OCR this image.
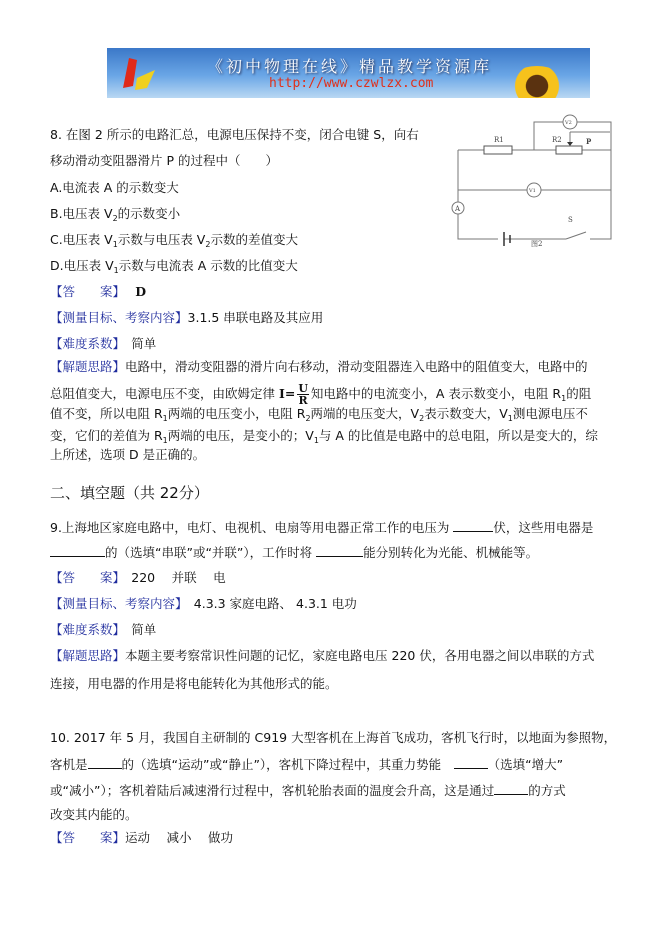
《初中物理在线》精品教学资源库
http://www.czwlzx.com
R1	R2	P
V2
V1
A
S
图2
8. 在图 2 所示的电路汇总，电源电压保持不变，闭合电键 S，向右
移动滑动变阻器滑片 P 的过程中（　　）
A.电流表 A 的示数变大
B.电压表 $V_2$的示数变小
C.电压表 $V_1$示数与电压表 $V_2$示数的差值变大
D.电压表 $V_1$示数与电流表 A 示数的比值变大
【答　　案】　 D
【测量目标、考察内容】3.1.5 串联电路及其应用
【难度系数】　简单
【解题思路】电路中，滑动变阻器的滑片向右移动，滑动变阻器连入电路中的阻值变大，电路中的
总阻值变大，电源电压不变，由欧姆定律 $I= \frac{U}{R}$ 知电路中的电流变小，A 表示数变小，电阻 $R_1$的阻
值不变，所以电阻 $R_1$两端的电压变小，电阻 $R_2$两端的电压变大，$V_2$表示数变大，$V_1$测电源电压不
变，它们的差值为 $R_1$两端的电压，是变小的；$V_1$与 A 的比值是电路中的总电阻，所以是变大的，综
上所述，选项 D 是正确的。
二、填空题（共 22分）
9.上海地区家庭电路中，电灯、电视机、电扇等用电器正常工作的电压为	伏，这些用电器是
的（选填“串联”或“并联”），工作时将	能分别转化为光能、机械能等。
【答　　案】　220　 并联　 电
【测量目标、考察内容】　4.3.3 家庭电路、 4.3.1 电功
【难度系数】　简单
【解题思路】本题主要考察常识性问题的记忆，家庭电路电压 220 伏，各用电器之间以串联的方式
连接，用电器的作用是将电能转化为其他形式的能。
10. 2017 年 5 月，我国自主研制的 C919 大型客机在上海首飞成功，客机飞行时，以地面为参照物，
客机是	的（选填“运动”或“静止”），客机下降过程中，其重力势能　	（选填“增大”
或“减小”）；客机着陆后减速滑行过程中，客机轮胎表面的温度会升高，这是通过	的方式
改变其内能的。
【答　　案】运动　 减小　 做功
